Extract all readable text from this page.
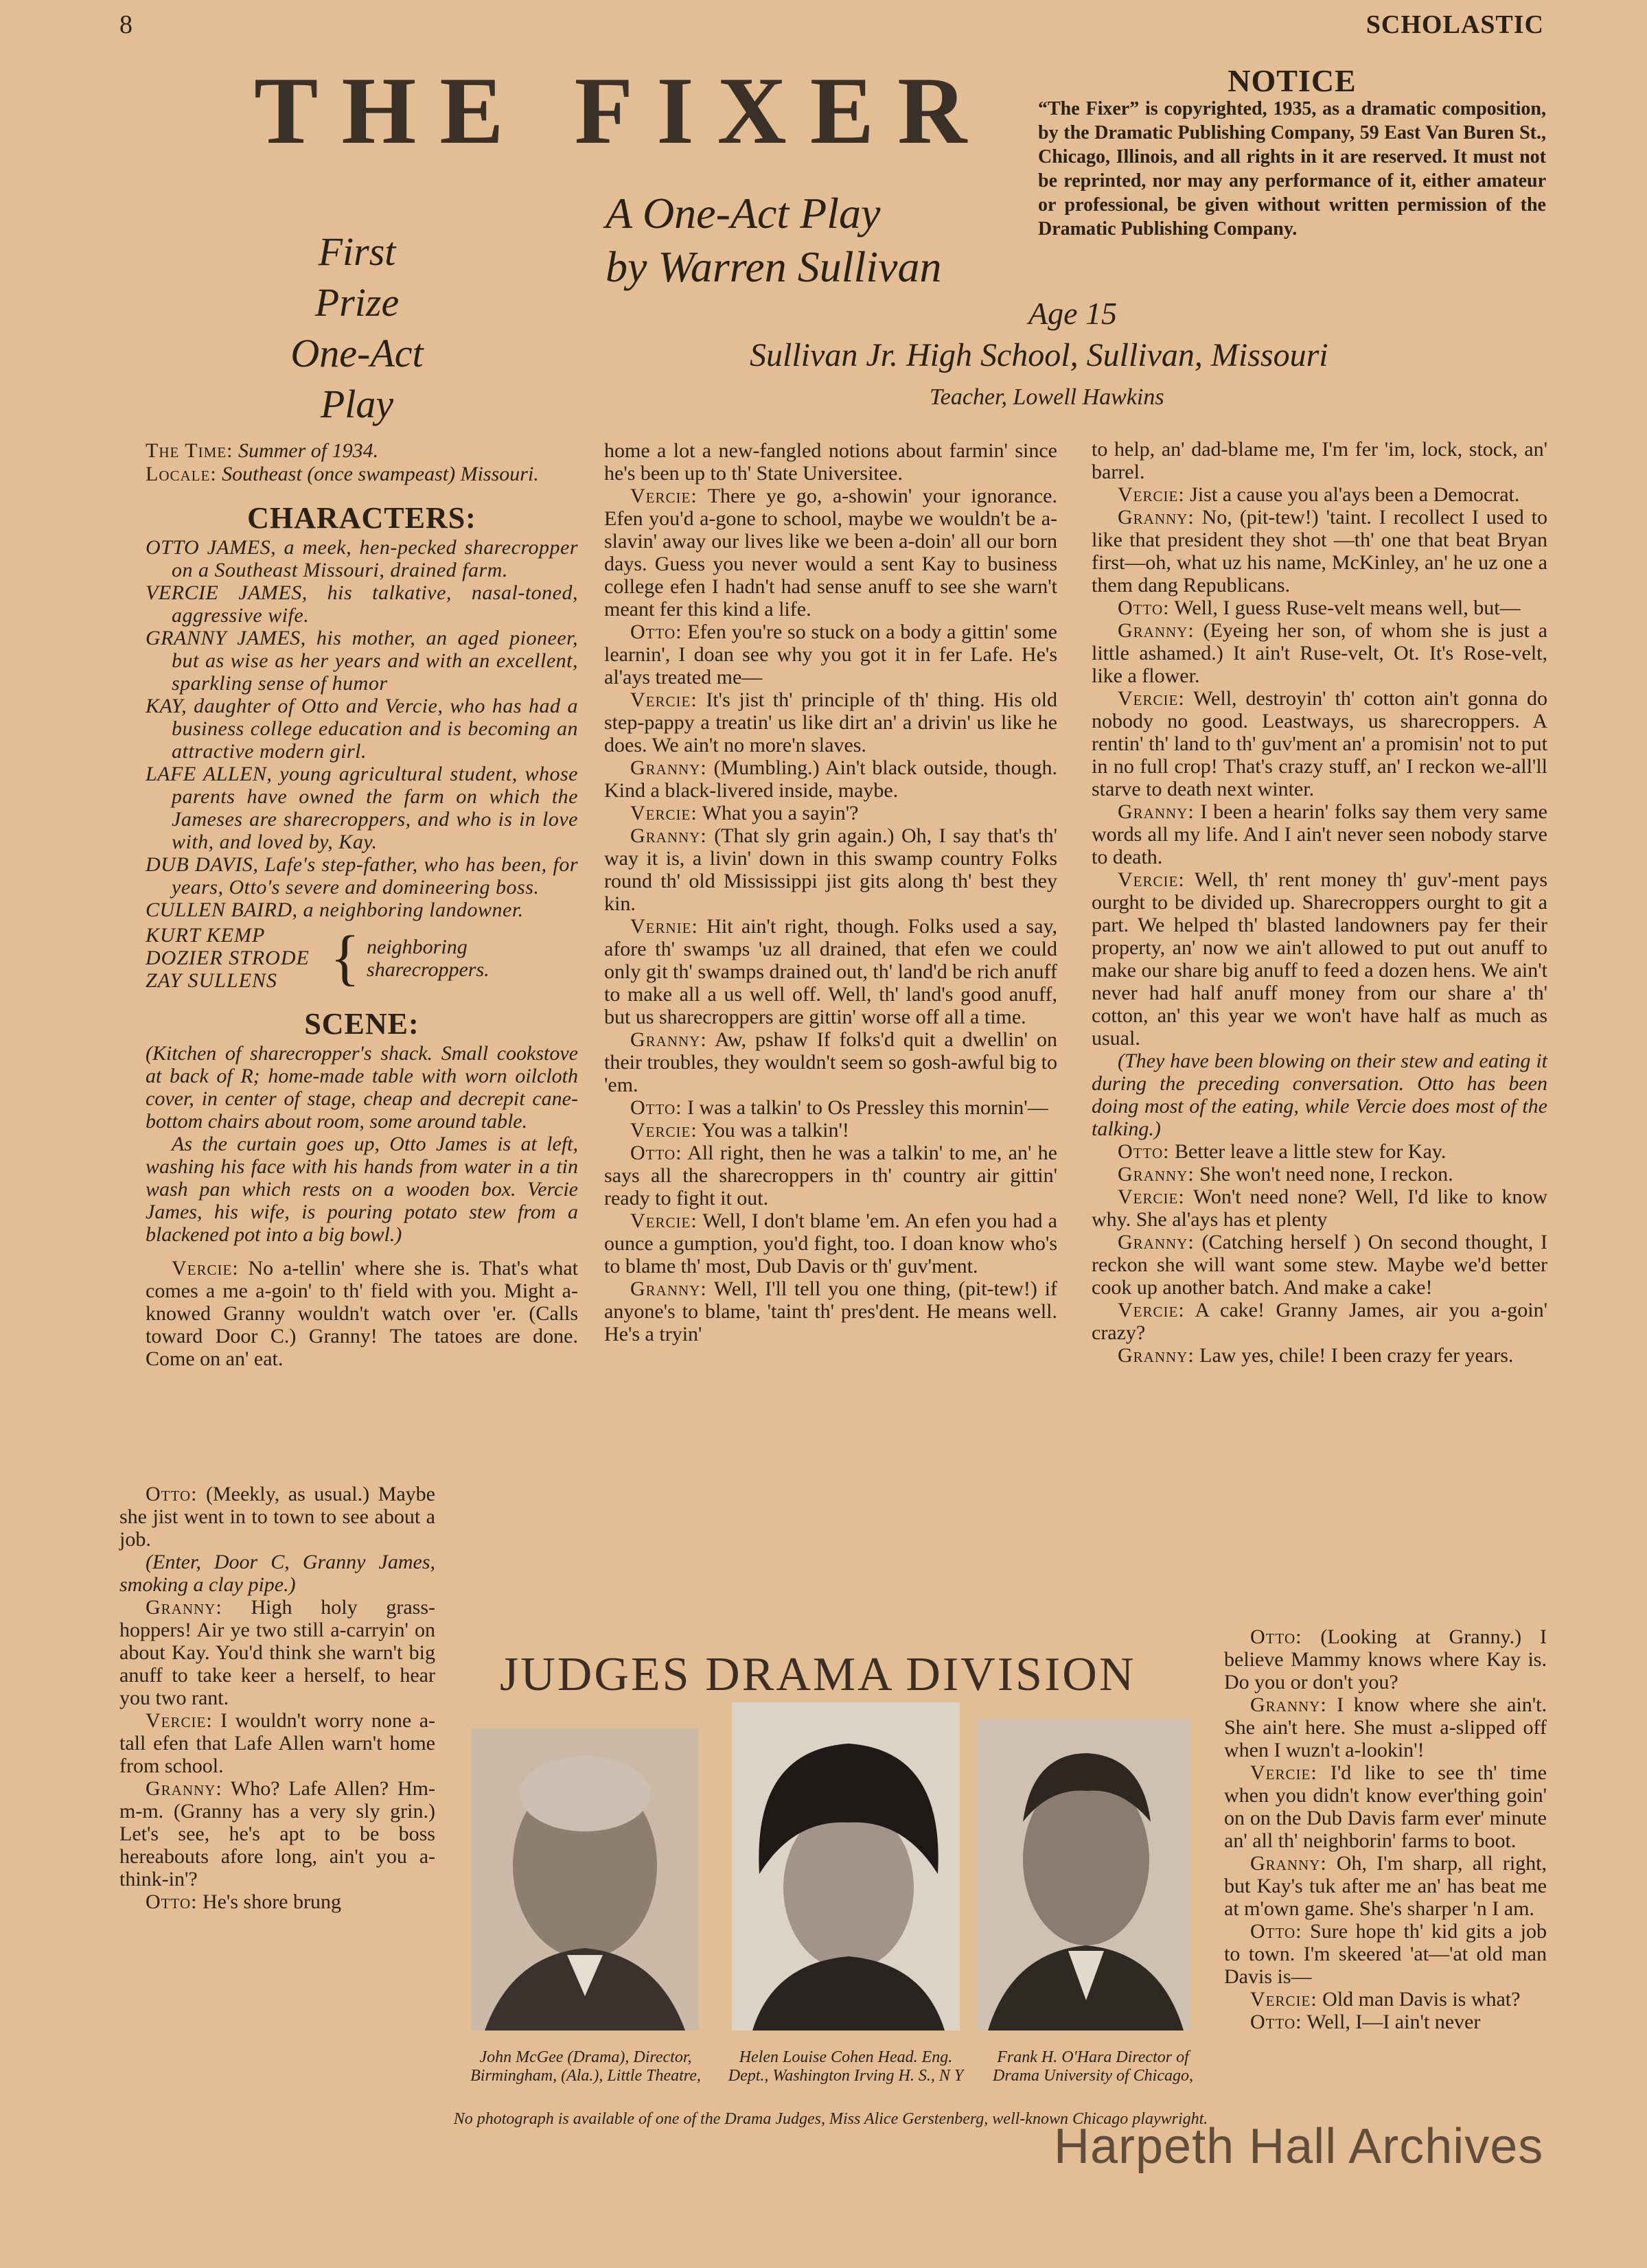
8	SCHOLASTIC
THE FIXER
A One-Act Play
by Warren Sullivan
First
Prize
One-Act
Play
NOTICE
“The Fixer” is copyrighted, 1935, as a dramatic composition, by the Dramatic Publishing Company, 59 East Van Buren St., Chicago, Illinois, and all rights in it are reserved. It must not be reprinted, nor may any performance of it, either amateur or professional, be given without written permission of the Dramatic Publishing Company.
Age 15
Sullivan Jr. High School, Sullivan, Missouri
Teacher, Lowell Hawkins
The Time: Summer of 1934.
Locale: Southeast (once swampeast) Missouri.
CHARACTERS:
OTTO JAMES, a meek, hen-pecked sharecropper on a Southeast Missouri, drained farm.
VERCIE JAMES, his talkative, nasal-toned, aggressive wife.
GRANNY JAMES, his mother, an aged pioneer, but as wise as her years and with an excellent, sparkling sense of humor
KAY, daughter of Otto and Vercie, who has had a business college education and is becoming an attractive modern girl.
LAFE ALLEN, young agricultural student, whose parents have owned the farm on which the Jameses are sharecroppers, and who is in love with, and loved by, Kay.
DUB DAVIS, Lafe's step-father, who has been, for years, Otto's severe and domineering boss.
CULLEN BAIRD, a neighboring landowner.
KURT KEMP
DOZIER STRODE
ZAY SULLENS { neighboring sharecroppers.
SCENE:

(Kitchen of sharecropper's shack. Small cookstove at back of R; home-made table with worn oilcloth cover, in center of stage, cheap and decrepit cane-bottom chairs about room, some around table.

As the curtain goes up, Otto James is at left, washing his face with his hands from water in a tin wash pan which rests on a wooden box. Vercie James, his wife, is pouring potato stew from a blackened pot into a big bowl.)

Vercie: No a-tellin' where she is. That's what comes a me a-goin' to th' field with you. Might a-knowed Granny wouldn't watch over 'er. (Calls toward Door C.) Granny! The tatoes are done. Come on an' eat.

Otto: (Meekly, as usual.) Maybe she jist went in to town to see about a job.

(Enter, Door C, Granny James, smoking a clay pipe.)

Granny: High holy grass-hoppers! Air ye two still a-carryin' on about Kay. You'd think she warn't big anuff to take keer a herself, to hear you two rant.

Vercie: I wouldn't worry none a-tall efen that Lafe Allen warn't home from school.

Granny: Who? Lafe Allen? Hm-m-m. (Granny has a very sly grin.) Let's see, he's apt to be boss hereabouts afore long, ain't you a-think-in'?

Otto: He's shore brung

home a lot a new-fangled notions about farmin' since he's been up to th' State Universitee.

Vercie: There ye go, a-showin' your ignorance. Efen you'd a-gone to school, maybe we wouldn't be a-slavin' away our lives like we been a-doin' all our born days. Guess you never would a sent Kay to business college efen I hadn't had sense anuff to see she warn't meant fer this kind a life.

Otto: Efen you're so stuck on a body a gittin' some learnin', I doan see why you got it in fer Lafe. He's al'ays treated me—

Vercie: It's jist th' principle of th' thing. His old step-pappy a treatin' us like dirt an' a drivin' us like he does. We ain't no more'n slaves.

Granny: (Mumbling.) Ain't black outside, though. Kind a black-livered inside, maybe.

Vercie: What you a sayin'?

Granny: (That sly grin again.) Oh, I say that's th' way it is, a livin' down in this swamp country Folks round th' old Mississippi jist gits along th' best they kin.

Vernie: Hit ain't right, though. Folks used a say, afore th' swamps 'uz all drained, that efen we could only git th' swamps drained out, th' land'd be rich anuff to make all a us well off. Well, th' land's good anuff, but us sharecroppers are gittin' worse off all a time.

Granny: Aw, pshaw If folks'd quit a dwellin' on their troubles, they wouldn't seem so gosh-awful big to 'em.

Otto: I was a talkin' to Os Pressley this mornin'—

Vercie: You was a talkin'!

Otto: All right, then he was a talkin' to me, an' he says all the sharecroppers in th' country air gittin' ready to fight it out.

Vercie: Well, I don't blame 'em. An efen you had a ounce a gumption, you'd fight, too. I doan know who's to blame th' most, Dub Davis or th' guv'ment.

Granny: Well, I'll tell you one thing, (pit-tew!) if anyone's to blame, 'taint th' pres'dent. He means well. He's a tryin'

to help, an' dad-blame me, I'm fer 'im, lock, stock, an' barrel.

Vercie: Jist a cause you al'ays been a Democrat.

Granny: No, (pit-tew!) 'taint. I recollect I used to like that president they shot —th' one that beat Bryan first—oh, what uz his name, McKinley, an' he uz one a them dang Republicans.

Otto: Well, I guess Ruse-velt means well, but—

Granny: (Eyeing her son, of whom she is just a little ashamed.) It ain't Ruse-velt, Ot. It's Rose-velt, like a flower.

Vercie: Well, destroyin' th' cotton ain't gonna do nobody no good. Leastways, us sharecroppers. A rentin' th' land to th' guv'ment an' a promisin' not to put in no full crop! That's crazy stuff, an' I reckon we-all'll starve to death next winter.

Granny: I been a hearin' folks say them very same words all my life. And I ain't never seen nobody starve to death.

Vercie: Well, th' rent money th' guv'-ment pays ourght to be divided up. Sharecroppers ourght to git a part. We helped th' blasted landowners pay fer their property, an' now we ain't allowed to put out anuff to make our share big anuff to feed a dozen hens. We ain't never had half anuff money from our share a' th' cotton, an' this year we won't have half as much as usual.

(They have been blowing on their stew and eating it during the preceding conversation. Otto has been doing most of the eating, while Vercie does most of the talking.)

Otto: Better leave a little stew for Kay.

Granny: She won't need none, I reckon.

Vercie: Won't need none? Well, I'd like to know why. She al'ays has et plenty

Granny: (Catching herself ) On second thought, I reckon she will want some stew. Maybe we'd better cook up another batch. And make a cake!

Vercie: A cake! Granny James, air you a-goin' crazy?

Granny: Law yes, chile! I been crazy fer years.

Otto: (Looking at Granny.) I believe Mammy knows where Kay is. Do you or don't you?

Granny: I know where she ain't. She ain't here. She must a-slipped off when I wuzn't a-lookin'!

Vercie: I'd like to see th' time when you didn't know ever'thing goin' on on the Dub Davis farm ever' minute an' all th' neighborin' farms to boot.

Granny: Oh, I'm sharp, all right, but Kay's tuk after me an' has beat me at m'own game. She's sharper 'n I am.

Otto: Sure hope th' kid gits a job to town. I'm skeered 'at—'at old man Davis is—

Vercie: Old man Davis is what?

Otto: Well, I—I ain't never

JUDGES DRAMA DIVISION
John McGee (Drama), Director, Birmingham, (Ala.), Little Theatre,
Helen Louise Cohen Head. Eng. Dept., Washington Irving H. S., N Y
Frank H. O'Hara Director of Drama University of Chicago,
No photograph is available of one of the Drama Judges, Miss Alice Gerstenberg, well-known Chicago playwright.
Harpeth Hall Archives
